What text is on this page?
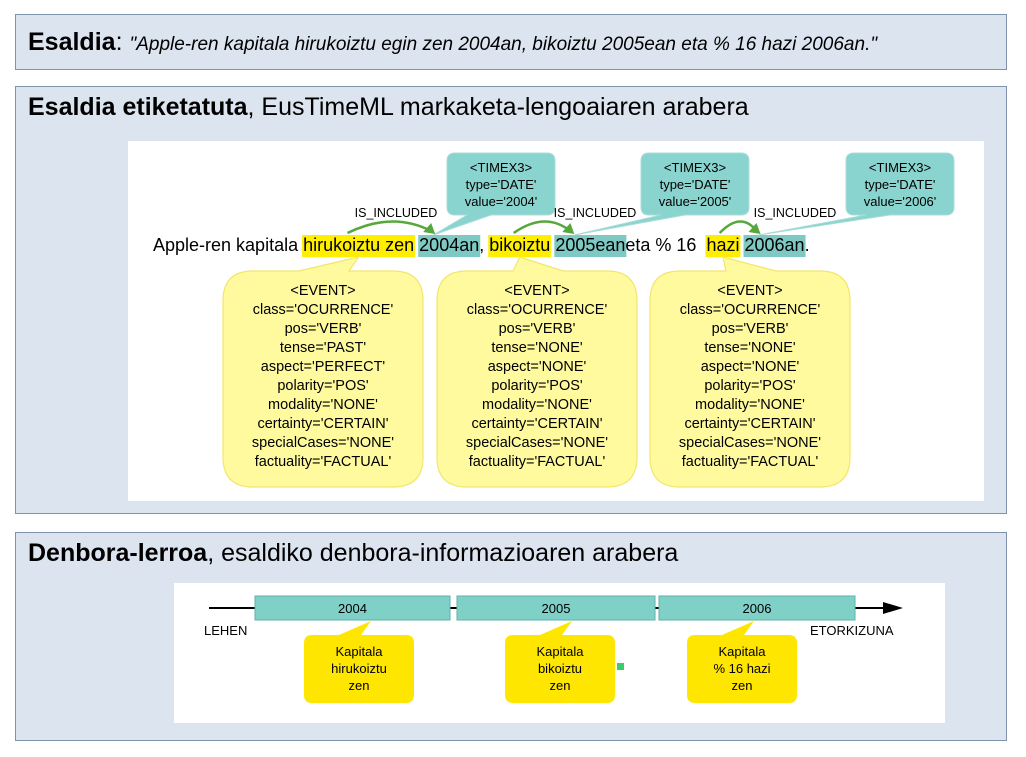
Esaldia: "Apple-ren kapitala hirukoiztu egin zen 2004an, bikoiztu 2005ean eta % 16 hazi 2006an."
Esaldia etiketatuta, EusTimeML markaketa-lengoaiaren arabera
Apple-ren kapitala hirukoiztu zen 2004an , bikoiztu 2005ean eta % 16 hazi 2006an .
<TIMEX3>
type='DATE'
value='2004'
<TIMEX3>
type='DATE'
value='2005'
<TIMEX3>
type='DATE'
value='2006'
IS_INCLUDED	IS_INCLUDED	IS_INCLUDED
<EVENT>
class='OCURRENCE'
pos='VERB'
tense='PAST'
aspect='PERFECT'
polarity='POS'
modality='NONE'
certainty='CERTAIN'
specialCases='NONE'
factuality='FACTUAL'
<EVENT>
class='OCURRENCE'
pos='VERB'
tense='NONE'
aspect='NONE'
polarity='POS'
modality='NONE'
certainty='CERTAIN'
specialCases='NONE'
factuality='FACTUAL'
<EVENT>
class='OCURRENCE'
pos='VERB'
tense='NONE'
aspect='NONE'
polarity='POS'
modality='NONE'
certainty='CERTAIN'
specialCases='NONE'
factuality='FACTUAL'
Denbora-lerroa, esaldiko denbora-informazioaren arabera
LEHEN	ETORKIZUNA
2004	2005	2006
Kapitala
hirukoiztu
zen
Kapitala
bikoiztu
zen
Kapitala
% 16 hazi
zen
